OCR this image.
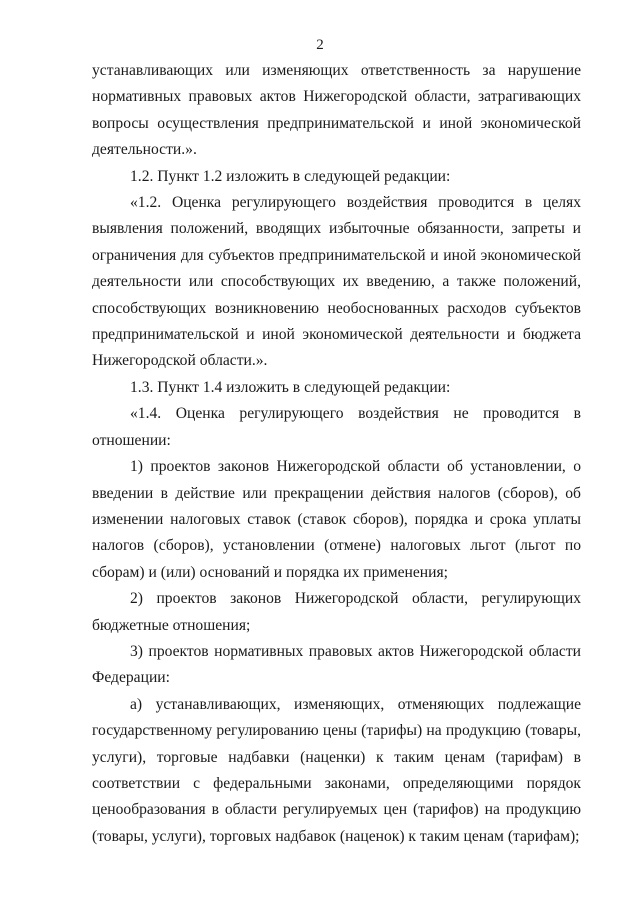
2

устанавливающих или изменяющих ответственность за нарушение нормативных правовых актов Нижегородской области, затрагивающих вопросы осуществления предпринимательской и иной экономической деятельности.».

1.2. Пункт 1.2 изложить в следующей редакции:

«1.2. Оценка регулирующего воздействия проводится в целях выявления положений, вводящих избыточные обязанности, запреты и ограничения для субъектов предпринимательской и иной экономической деятельности или способствующих их введению, а также положений, способствующих возникновению необоснованных расходов субъектов предпринимательской и иной экономической деятельности и бюджета Нижегородской области.».

1.3. Пункт 1.4 изложить в следующей редакции:

«1.4. Оценка регулирующего воздействия не проводится в отношении:

1) проектов законов Нижегородской области об установлении, о введении в действие или прекращении действия налогов (сборов), об изменении налоговых ставок (ставок сборов), порядка и срока уплаты налогов (сборов), установлении (отмене) налоговых льгот (льгот по сборам) и (или) оснований и порядка их применения;

2) проектов законов Нижегородской области, регулирующих бюджетные отношения;

3) проектов нормативных правовых актов Нижегородской области Федерации:

а) устанавливающих, изменяющих, отменяющих подлежащие государственному регулированию цены (тарифы) на продукцию (товары, услуги), торговые надбавки (наценки) к таким ценам (тарифам) в соответствии с федеральными законами, определяющими порядок ценообразования в области регулируемых цен (тарифов) на продукцию (товары, услуги), торговых надбавок (наценок) к таким ценам (тарифам);
